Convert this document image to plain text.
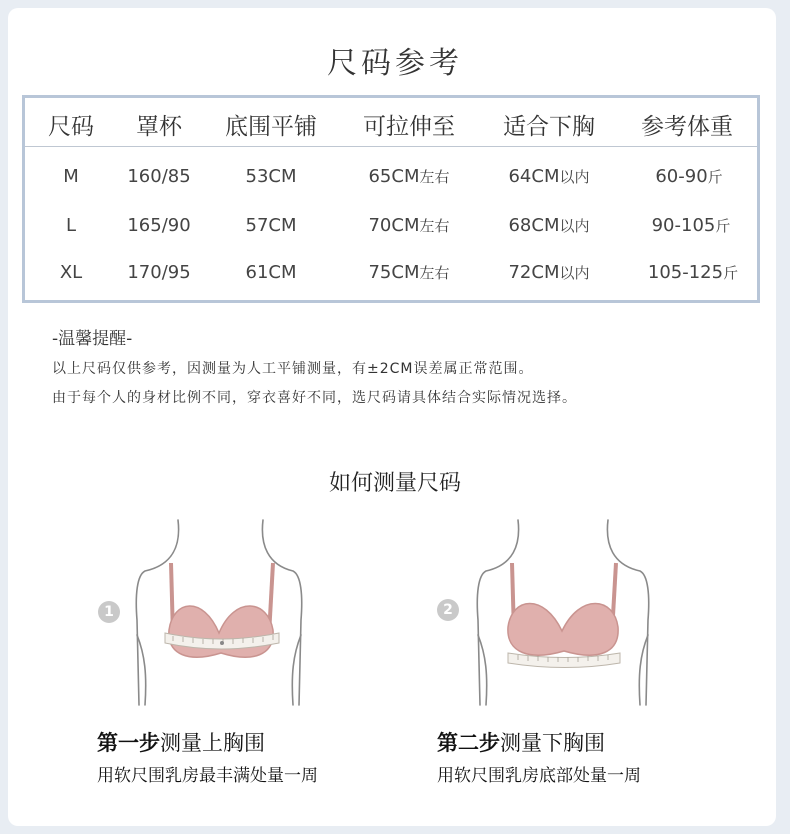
尺码参考
尺码 罩杯 底围平铺 可拉伸至 适合下胸 参考体重
M	160/85	53CM	65CM左右	64CM以内	60-90斤
L	165/90	57CM	70CM左右	68CM以内	90-105斤
XL	170/95	61CM	75CM左右	72CM以内	105-125斤
-温馨提醒-
以上尺码仅供参考，因测量为人工平铺测量，有±2CM误差属正常范围。
由于每个人的身材比例不同，穿衣喜好不同，选尺码请具体结合实际情况选择。
如何测量尺码
1	2
第一步测量上胸围
用软尺围乳房最丰满处量一周
第二步测量下胸围
用软尺围乳房底部处量一周
